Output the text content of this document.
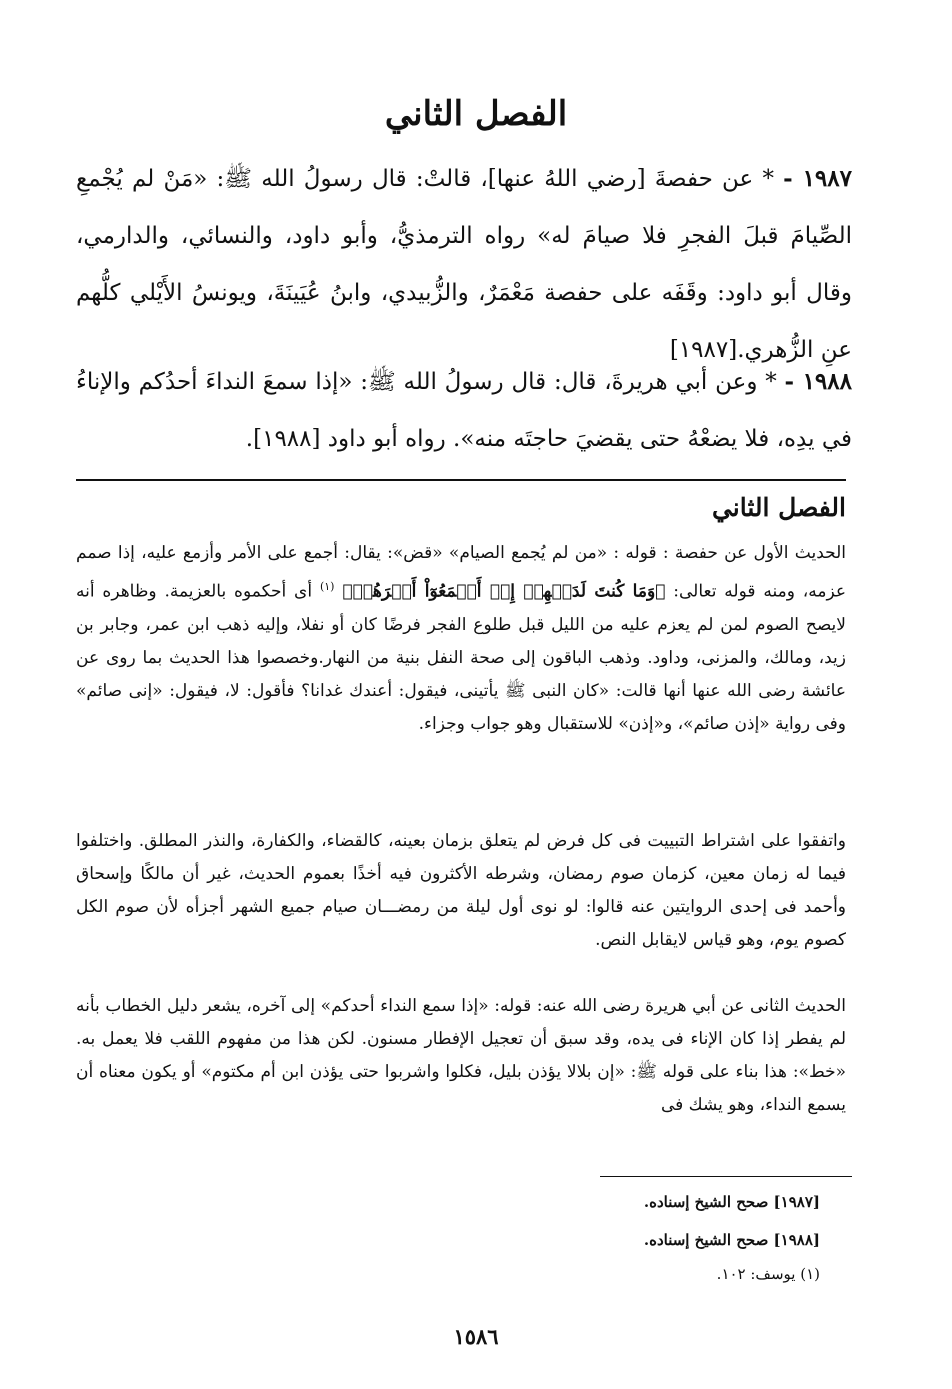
الفصل الثاني
١٩٨٧ - * عن حفصةَ [رضي اللهُ عنها]، قالتْ: قال رسولُ الله ﷺ: «مَنْ لم يُجْمعِ الصِّيامَ قبلَ الفجرِ فلا صيامَ له» رواه الترمذيُّ، وأبو داود، والنسائي، والدارمي، وقال أبو داود: وقَفَه على حفصة مَعْمَرٌ، والزُّبيدي، وابنُ عُيَينَةَ، ويونسُ الأَيْلي كلُّهم عنِ الزُّهري.[١٩٨٧]
١٩٨٨ - * وعن أبي هريرةَ، قال: قال رسولُ الله ﷺ: «إذا سمعَ النداءَ أحدُكم والإناءُ في يدِه، فلا يضعْهُ حتى يقضيَ حاجتَه منه». رواه أبو داود [١٩٨٨].
الفصل الثاني
الحديث الأول عن حفصة : قوله : «من لم يُجمع الصيام» «قض»: يقال: أجمع على الأمر وأزمع عليه، إذا صمم عزمه، ومنه قوله تعالى: ﴿وَمَا كُنتَ لَدَيۡهِمۡ إِذۡ أَجۡمَعُوٓاْ أَمۡرَهُمۡ﴾ $^{(١)}$ أى أحكموه بالعزيمة. وظاهره أنه لايصح الصوم لمن لم يعزم عليه من الليل قبل طلوع الفجر فرضًا كان أو نفلا، وإليه ذهب ابن عمر، وجابر بن زيد، ومالك، والمزنى، وداود. وذهب الباقون إلى صحة النفل بنية من النهار.وخصصوا هذا الحديث بما روى عن عائشة رضى الله عنها أنها قالت: «كان النبى ﷺ يأتينى، فيقول: أعندك غدانا؟ فأقول: لا، فيقول: «إنى صائم» وفى رواية «إذن صائم»، و«إذن» للاستقبال وهو جواب وجزاء.
واتفقوا على اشتراط التبييت فى كل فرض لم يتعلق بزمان بعينه، كالقضاء، والكفارة، والنذر المطلق. واختلفوا فيما له زمان معين، كزمان صوم رمضان، وشرطه الأكثرون فيه أخذًا بعموم الحديث، غير أن مالكًا وإسحاق وأحمد فى إحدى الروايتين عنه قالوا: لو نوى أول ليلة من رمضـــان صيام جميع الشهر أجزأه لأن صوم الكل كصوم يوم، وهو قياس لايقابل النص.
الحديث الثانى عن أبي هريرة رضى الله عنه: قوله: «إذا سمع النداء أحدكم» إلى آخره، يشعر دليل الخطاب بأنه لم يفطر إذا كان الإناء فى يده، وقد سبق أن تعجيل الإفطار مسنون. لكن هذا من مفهوم اللقب فلا يعمل به. «خط»: هذا بناء على قوله ﷺ: «إن بلالا يؤذن بليل، فكلوا واشربوا حتى يؤذن ابن أم مكتوم» أو يكون معناه أن يسمع النداء، وهو يشك فى
[١٩٨٧] صحح الشيخ إسناده.
[١٩٨٨] صحح الشيخ إسناده.
(١) يوسف: ١٠٢.
١٥٨٦
